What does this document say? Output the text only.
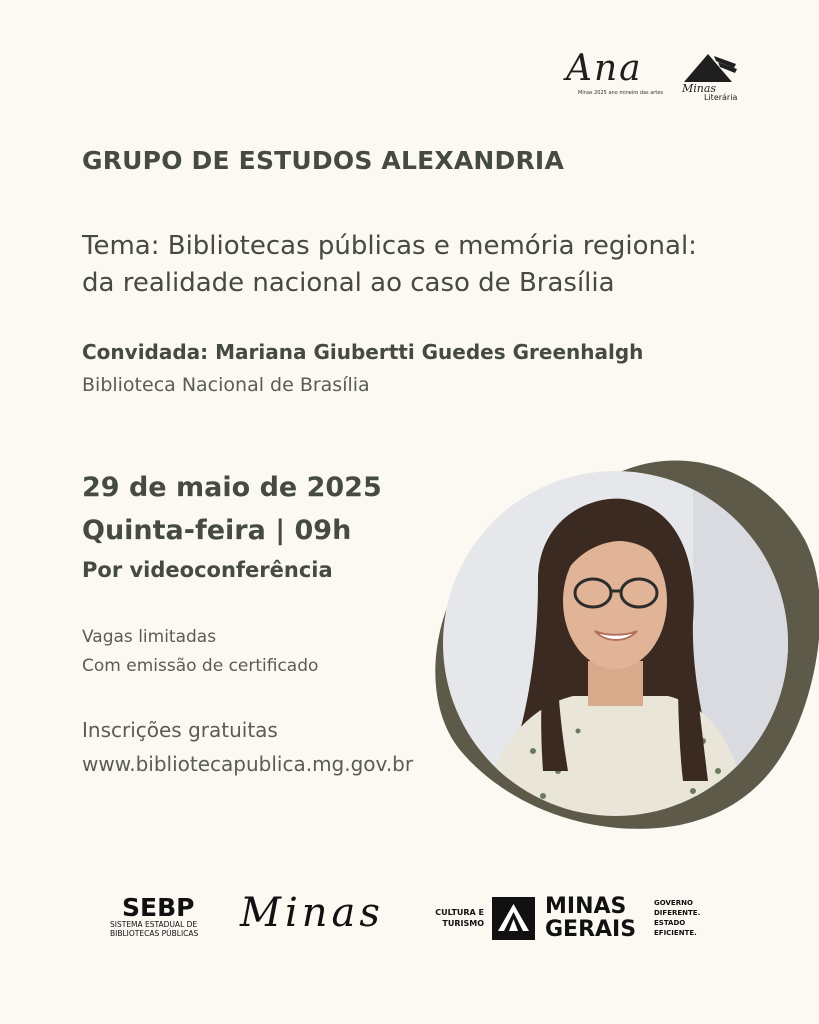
Ana
Minas 2025 ano mineiro das artes Minas
Literária
GRUPO DE ESTUDOS ALEXANDRIA
Tema: Bibliotecas públicas e memória regional:
da realidade nacional ao caso de Brasília
Convidada: Mariana Giubertti Guedes Greenhalgh
Biblioteca Nacional de Brasília
29 de maio de 2025
Quinta-feira | 09h
Por videoconferência
Vagas limitadas
Com emissão de certificado
Inscrições gratuitas
www.bibliotecapublica.mg.gov.br
SEBP
SISTEMA ESTADUAL DE
BIBLIOTECAS PÚBLICAS Minas	CULTURA E
TURISMO
MINAS
GERAIS
GOVERNO
DIFERENTE.
ESTADO
EFICIENTE.
